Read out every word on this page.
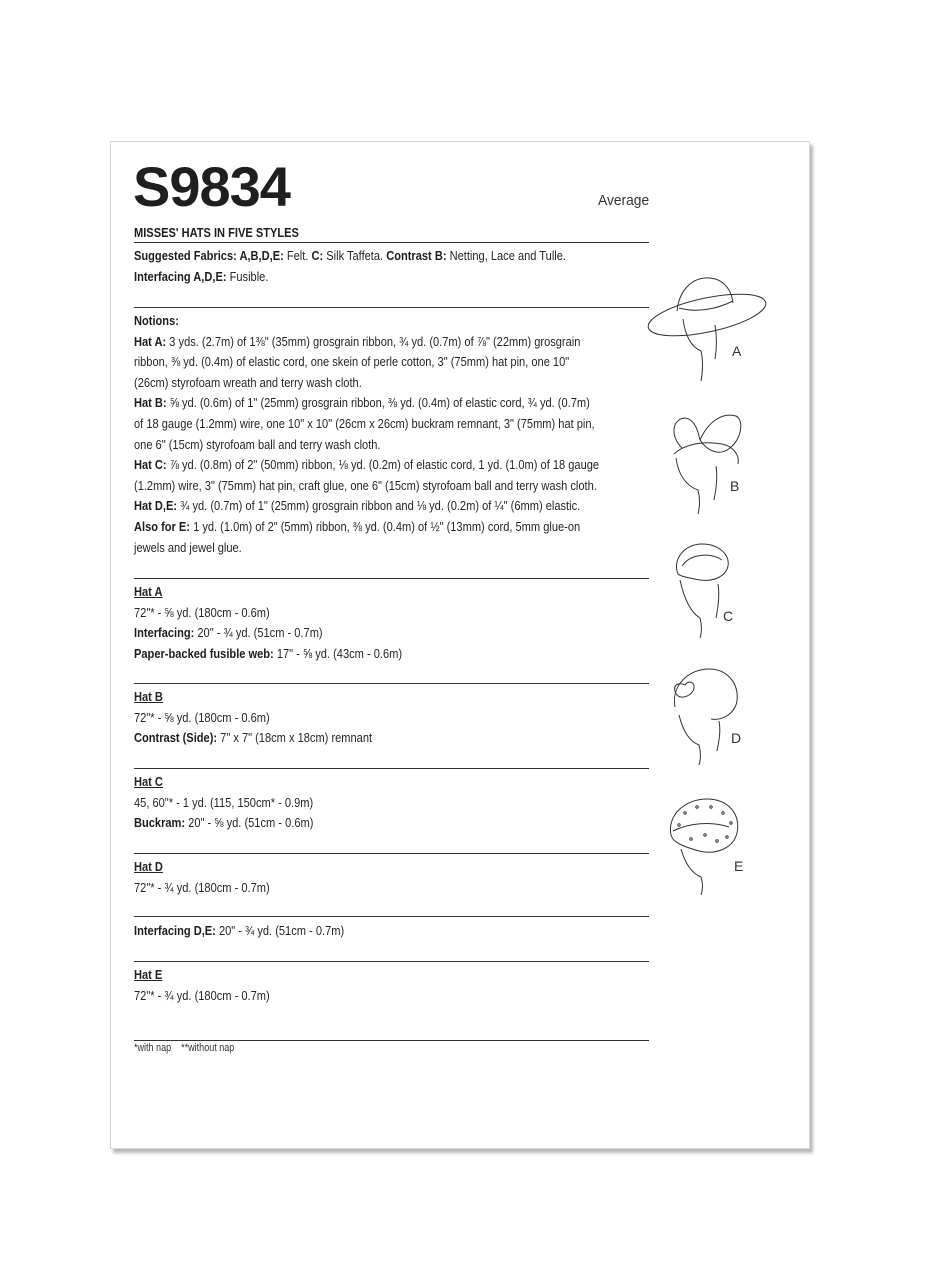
S9834	Average
MISSES' HATS IN FIVE STYLES
Suggested Fabrics: A,B,D,E: Felt. C: Silk Taffeta. Contrast B: Netting, Lace and Tulle.
Interfacing A,D,E: Fusible.
Notions:
Hat A: 3 yds. (2.7m) of 1⅜" (35mm) grosgrain ribbon, ¾ yd. (0.7m) of ⅞" (22mm) grosgrain
ribbon, ⅜ yd. (0.4m) of elastic cord, one skein of perle cotton, 3" (75mm) hat pin, one 10"
(26cm) styrofoam wreath and terry wash cloth.
Hat B: ⅝ yd. (0.6m) of 1" (25mm) grosgrain ribbon, ⅜ yd. (0.4m) of elastic cord, ¾ yd. (0.7m)
of 18 gauge (1.2mm) wire, one 10" x 10" (26cm x 26cm) buckram remnant, 3" (75mm) hat pin,
one 6" (15cm) styrofoam ball and terry wash cloth.
Hat C: ⅞ yd. (0.8m) of 2" (50mm) ribbon, ⅛ yd. (0.2m) of elastic cord, 1 yd. (1.0m) of 18 gauge
(1.2mm) wire, 3" (75mm) hat pin, craft glue, one 6" (15cm) styrofoam ball and terry wash cloth.
Hat D,E: ¾ yd. (0.7m) of 1" (25mm) grosgrain ribbon and ⅛ yd. (0.2m) of ¼" (6mm) elastic.
Also for E: 1 yd. (1.0m) of 2" (5mm) ribbon, ⅜ yd. (0.4m) of ½" (13mm) cord, 5mm glue-on
jewels and jewel glue.
Hat A
72"* - ⅝ yd. (180cm - 0.6m)
Interfacing: 20" - ¾ yd. (51cm - 0.7m)
Paper-backed fusible web: 17" - ⅝ yd. (43cm - 0.6m)
Hat B
72"* - ⅝ yd. (180cm - 0.6m)
Contrast (Side): 7" x 7" (18cm x 18cm) remnant
Hat C
45, 60"* - 1 yd. (115, 150cm* - 0.9m)
Buckram: 20" - ⅝ yd. (51cm - 0.6m)
Hat D
72"* - ¾ yd. (180cm - 0.7m)
Interfacing D,E: 20" - ¾ yd. (51cm - 0.7m)
Hat E
72"* - ¾ yd. (180cm - 0.7m)
*with nap    **without nap
A
B
C
D
E
